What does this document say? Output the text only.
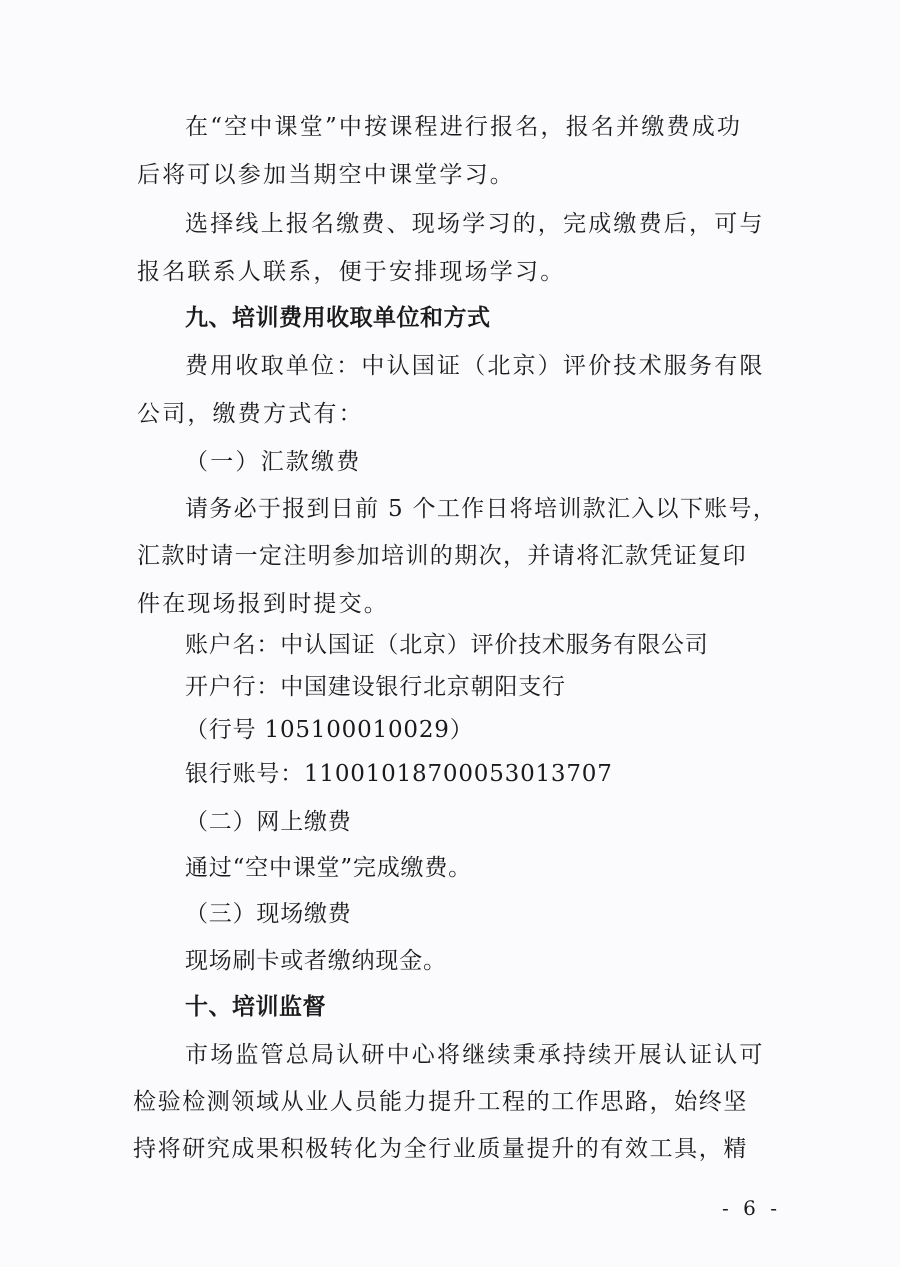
在“空中课堂”中按课程进行报名，报名并缴费成功
后将可以参加当期空中课堂学习。
选择线上报名缴费、现场学习的，完成缴费后，可与
报名联系人联系，便于安排现场学习。
九、培训费用收取单位和方式
费用收取单位：中认国证（北京）评价技术服务有限
公司，缴费方式有：
（一）汇款缴费
请务必于报到日前 5 个工作日将培训款汇入以下账号，
汇款时请一定注明参加培训的期次，并请将汇款凭证复印
件在现场报到时提交。
账户名：中认国证（北京）评价技术服务有限公司
开户行：中国建设银行北京朝阳支行
（行号 105100010029）
银行账号：11001018700053013707
（二）网上缴费
通过“空中课堂”完成缴费。
（三）现场缴费
现场刷卡或者缴纳现金。
十、培训监督
市场监管总局认研中心将继续秉承持续开展认证认可
检验检测领域从业人员能力提升工程的工作思路，始终坚
持将研究成果积极转化为全行业质量提升的有效工具，精
- 6 -
